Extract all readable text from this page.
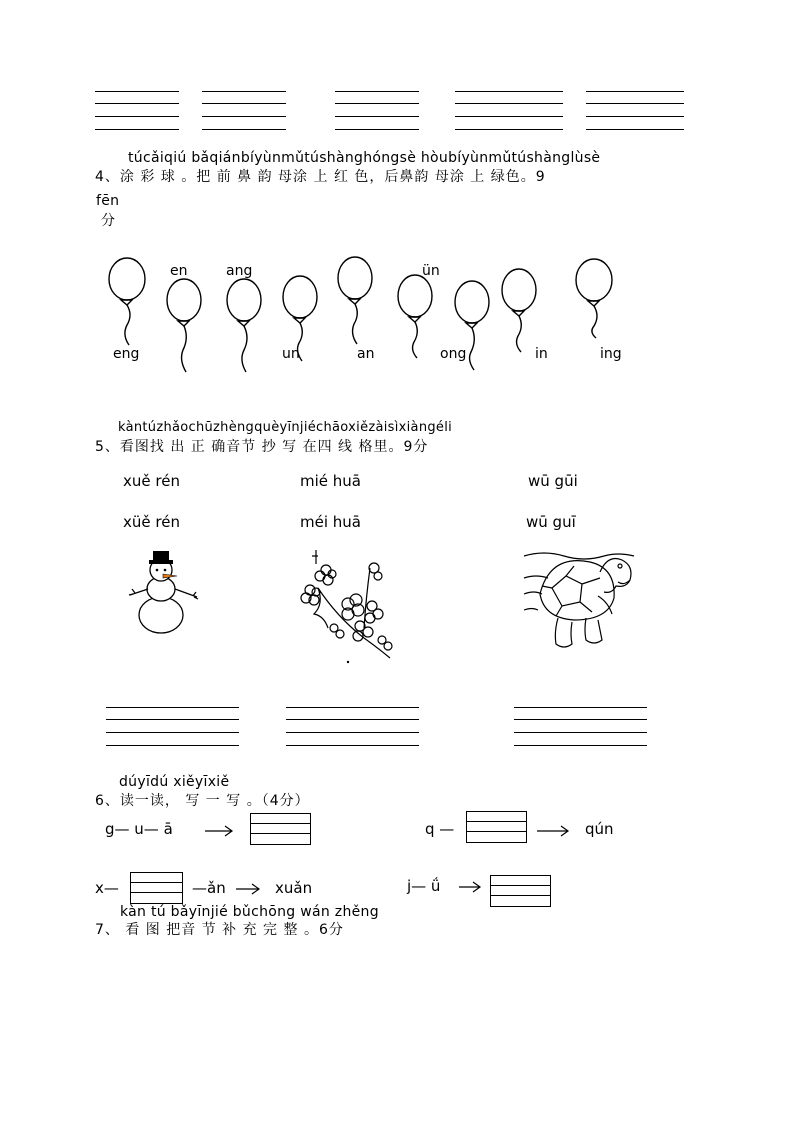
túcǎiqiú bǎqiánbíyùnmǔtúshànghóngsè hòubíyùnmǔtúshànglùsè
4、涂 彩 球 。把 前 鼻 韵 母涂 上 红 色，后鼻韵 母涂 上 绿色。9
fēn
分
eng
en	ang
un	an
ün
ong	in	ing
kàntúzhǎochūzhèngquèyīnjiéchāoxiězàisìxiàngéli
5、看图找 出 正 确音节 抄 写 在四 线 格里。9分
xuě rén
xüě rén
mié huā
méi huā
wū gūi
wū guī
dúyīdú xiěyīxiě
6、读一读， 写 一 写 。（4分）
g— u— ā	q —	qún
x—	—ǎn	xuǎn	j— ǘ
kàn tú bǎyīnjié bǔchōng wán zhěng
7、 看 图 把音 节 补 充 完 整 。6分
